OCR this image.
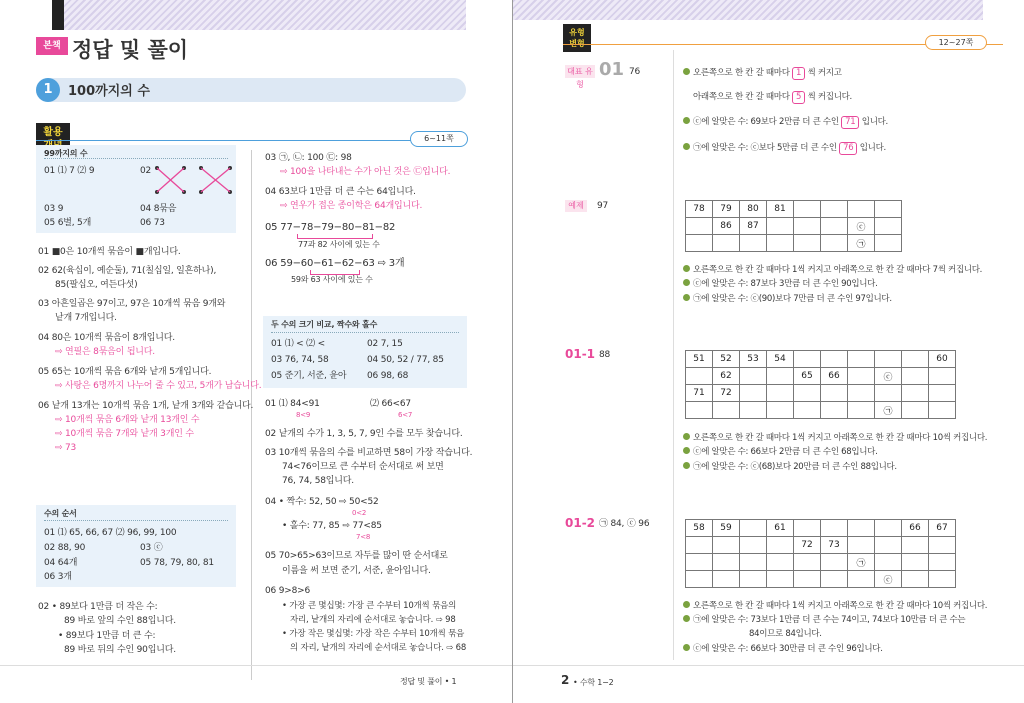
본책 정답 및 풀이
1	100까지의 수
활용

6~11쪽
99까지의 수
01 ⑴ 7 ⑵ 9	02
03 9	04 8묶음
05 6별, 5개	06 73
01 ■0은 10개씩 묶음이 ■개입니다.
02 62(육십이, 예순둘), 71(칠십일, 일흔하나),
85(팔십오, 여든다섯)
03 아흔일곱은 97이고, 97은 10개씩 묶음 9개와
낱개 7개입니다.
04 80은 10개씩 묶음이 8개입니다.
⇨ 연필은 8묶음이 됩니다.
05 65는 10개씩 묶음 6개와 낱개 5개입니다.
⇨ 사탕은 6명까지 나누어 줄 수 있고, 5개가 남습니다.
06 낱개 13개는 10개씩 묶음 1개, 낱개 3개와 같습니다.
⇨ 10개씩 묶음 6개와 낱개 13개인 수
⇨ 10개씩 묶음 7개와 낱개 3개인 수
⇨ 73
수의 순서
01 ⑴ 65, 66, 67 ⑵ 96, 99, 100
02 88, 90	03 ⓒ
04 64개	05 78, 79, 80, 81
06 3개
02 • 89보다 1만큼 더 작은 수:
89 바로 앞의 수인 88입니다.
• 89보다 1만큼 더 큰 수:
89 바로 뒤의 수인 90입니다.
03 ㉠, ㉡: 100 ㉢: 98
⇨ 100을 나타내는 수가 아닌 것은 ㉢입니다.
04 63보다 1만큼 더 큰 수는 64입니다.
⇨ 연우가 접은 종이학은 64개입니다.
05 77−78−79−80−81−82
77과 82 사이에 있는 수
06 59−60−61−62−63 ⇨ 3개
59와 63 사이에 있는 수
두 수의 크기 비교, 짝수와 홀수
01 ⑴ < ⑵ <	02 7, 15
03 76, 74, 58	04 50, 52 / 77, 85
05 준기, 서준, 윤아 06 98, 68
01 ⑴ 84<91	⑵ 66<67
8<9	6<7
02 낱개의 수가 1, 3, 5, 7, 9인 수를 모두 찾습니다.
03 10개씩 묶음의 수를 비교하면 58이 가장 작습니다.
74<76이므로 큰 수부터 순서대로 써 보면
76, 74, 58입니다.
04 • 짝수: 52, 50 ⇨ 50<52
0<2
• 홀수: 77, 85 ⇨ 77<85
7<8
05 70>65>63이므로 자두를 많이 딴 순서대로
이름을 써 보면 준기, 서준, 윤아입니다.
06 9>8>6
• 가장 큰 몇십몇: 가장 큰 수부터 10개씩 묶음의
자리, 낱개의 자리에 순서대로 놓습니다. ⇨ 98
• 가장 작은 몇십몇: 가장 작은 수부터 10개씩 묶음
의 자리, 낱개의 자리에 순서대로 놓습니다. ⇨ 68
정답 및 풀이 • 1
유형
변형	12~27쪽
대표 유형
01 76	오른쪽으로 한 칸 갈 때마다 1 씩 커지고
아래쪽으로 한 칸 갈 때마다 5 씩 커집니다.
ⓒ에 알맞은 수: 69보다 2만큼 더 큰 수인 71 입니다.
㉠에 알맞은 수: ⓒ보다 5만큼 더 큰 수인 76 입니다.
예제	97	78	79	80	81				
	86	87				ⓒ	
						㉠	
오른쪽으로 한 칸 갈 때마다 1씩 커지고 아래쪽으로 한 칸 갈 때마다 7씩 커집니다.
ⓒ에 알맞은 수: 87보다 3만큼 더 큰 수인 90입니다.
㉠에 알맞은 수: ⓒ(90)보다 7만큼 더 큰 수인 97입니다.
01-1 88	51	52	53	54						60
	62			65	66		ⓒ		
71	72								
							㉠		
오른쪽으로 한 칸 갈 때마다 1씩 커지고 아래쪽으로 한 칸 갈 때마다 10씩 커집니다.
ⓒ에 알맞은 수: 66보다 2만큼 더 큰 수인 68입니다.
㉠에 알맞은 수: ⓒ(68)보다 20만큼 더 큰 수인 88입니다.
01-2 ㉠ 84, ⓒ 96	58	59		61					66	67
				72	73				
						㉠			
							ⓒ		
오른쪽으로 한 칸 갈 때마다 1씩 커지고 아래쪽으로 한 칸 갈 때마다 10씩 커집니다.
㉠에 알맞은 수: 73보다 1만큼 더 큰 수는 74이고, 74보다 10만큼 더 큰 수는
84이므로 84입니다.
ⓒ에 알맞은 수: 66보다 30만큼 더 큰 수인 96입니다.
2 • 수학 1−2
